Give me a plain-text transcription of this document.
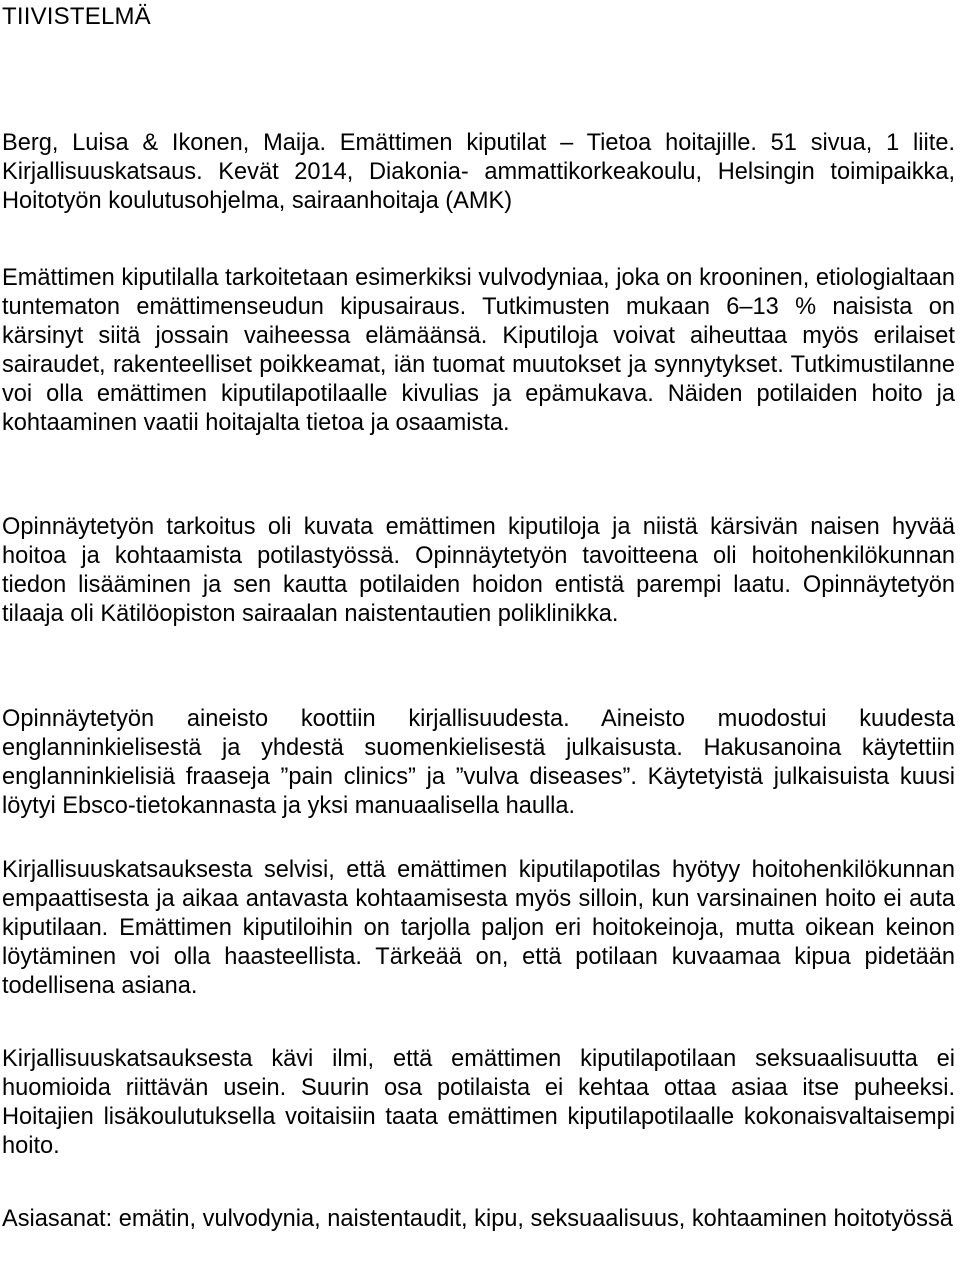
TIIVISTELMÄ

Berg, Luisa & Ikonen, Maija. Emättimen kiputilat – Tietoa hoitajille. 51 sivua, 1 liite. Kirjallisuuskatsaus. Kevät 2014, Diakonia- ammattikorkeakoulu, Helsingin toimipaikka, Hoitotyön koulutusohjelma, sairaanhoitaja (AMK)

Emättimen kiputilalla tarkoitetaan esimerkiksi vulvodyniaa, joka on krooninen, etiologialtaan tuntematon emättimenseudun kipusairaus. Tutkimusten mukaan 6–13 % naisista on kärsinyt siitä jossain vaiheessa elämäänsä. Kiputiloja voivat aiheuttaa myös erilaiset sairaudet, rakenteelliset poikkeamat, iän tuomat muutokset ja synnytykset. Tutkimustilanne voi olla emättimen kiputilapotilaalle kivulias ja epämukava. Näiden potilaiden hoito ja kohtaaminen vaatii hoitajalta tietoa ja osaamista.

Opinnäytetyön tarkoitus oli kuvata emättimen kiputiloja ja niistä kärsivän naisen hyvää hoitoa ja kohtaamista potilastyössä. Opinnäytetyön tavoitteena oli hoitohenkilökunnan tiedon lisääminen ja sen kautta potilaiden hoidon entistä parempi laatu. Opinnäytetyön tilaaja oli Kätilöopiston sairaalan naistentautien poliklinikka.

Opinnäytetyön aineisto koottiin kirjallisuudesta. Aineisto muodostui kuudesta englanninkielisestä ja yhdestä suomenkielisestä julkaisusta. Hakusanoina käytettiin englanninkielisiä fraaseja ”pain clinics” ja ”vulva diseases”. Käytetyistä julkaisuista kuusi löytyi Ebsco-tietokannasta ja yksi manuaalisella haulla.

Kirjallisuuskatsauksesta selvisi, että emättimen kiputilapotilas hyötyy hoitohenkilökunnan empaattisesta ja aikaa antavasta kohtaamisesta myös silloin, kun varsinainen hoito ei auta kiputilaan. Emättimen kiputiloihin on tarjolla paljon eri hoitokeinoja, mutta oikean keinon löytäminen voi olla haasteellista. Tärkeää on, että potilaan kuvaamaa kipua pidetään todellisena asiana.

Kirjallisuuskatsauksesta kävi ilmi, että emättimen kiputilapotilaan seksuaalisuutta ei huomioida riittävän usein. Suurin osa potilaista ei kehtaa ottaa asiaa itse puheeksi. Hoitajien lisäkoulutuksella voitaisiin taata emättimen kiputilapotilaalle kokonaisvaltaisempi hoito.

Asiasanat: emätin, vulvodynia, naistentaudit, kipu, seksuaalisuus, kohtaaminen hoitotyössä
